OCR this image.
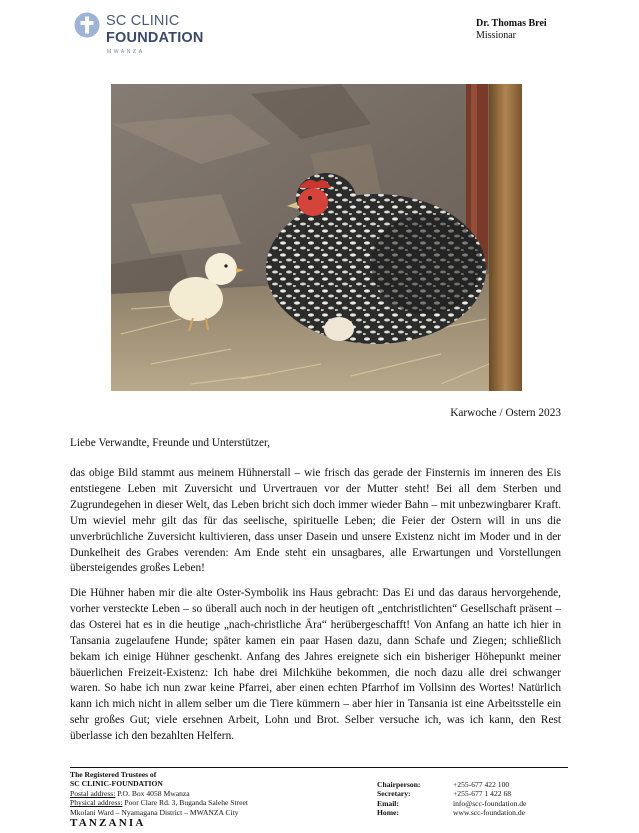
SC CLINIC
FOUNDATION
MWANZA
Dr. Thomas Brei
Missionar
Karwoche / Ostern 2023
Liebe Verwandte, Freunde und Unterstützer,

das obige Bild stammt aus meinem Hühnerstall – wie frisch das gerade der Finsternis im inneren des Eis entstiegene Leben mit Zuversicht und Urvertrauen vor der Mutter steht! Bei all dem Sterben und Zugrundegehen in dieser Welt, das Leben bricht sich doch immer wieder Bahn – mit unbezwingbarer Kraft. Um wieviel mehr gilt das für das seelische, spirituelle Leben; die Feier der Ostern will in uns die unverbrüchliche Zuversicht kultivieren, dass unser Dasein und unsere Existenz nicht im Moder und in der Dunkelheit des Grabes verenden: Am Ende steht ein unsagbares, alle Erwartungen und Vorstellungen übersteigendes großes Leben!

Die Hühner haben mir die alte Oster-Symbolik ins Haus gebracht: Das Ei und das daraus hervorgehende, vorher versteckte Leben – so überall auch noch in der heutigen oft „entchristlichten“ Gesellschaft präsent – das Osterei hat es in die heutige „nach-christliche Ära“ herübergeschafft! Von Anfang an hatte ich hier in Tansania zugelaufene Hunde; später kamen ein paar Hasen dazu, dann Schafe und Ziegen; schließlich bekam ich einige Hühner geschenkt. Anfang des Jahres ereignete sich ein bisheriger Höhepunkt meiner bäuerlichen Freizeit-Existenz: Ich habe drei Milchkühe bekommen, die noch dazu alle drei schwanger waren. So habe ich nun zwar keine Pfarrei, aber einen echten Pfarrhof im Vollsinn des Wortes! Natürlich kann ich mich nicht in allem selber um die Tiere kümmern – aber hier in Tansania ist eine Arbeitsstelle ein sehr großes Gut; viele ersehnen Arbeit, Lohn und Brot. Selber versuche ich, was ich kann, den Rest überlasse ich den bezahlten Helfern.

The Registered Trustees of
SC CLINIC-FOUNDATION
Postal address: P.O. Box 4058 Mwanza
Physical address: Poor Clare Rd. 3, Buganda Salehe Street
Mkolani Ward – Nyamagana District – MWANZA City
TANZANIA
Chairperson:	+255-677 422 100
Secretary:	+255-677 1 422 68
Email:	info@scc-foundation.de
Home:	www.scc-foundation.de
